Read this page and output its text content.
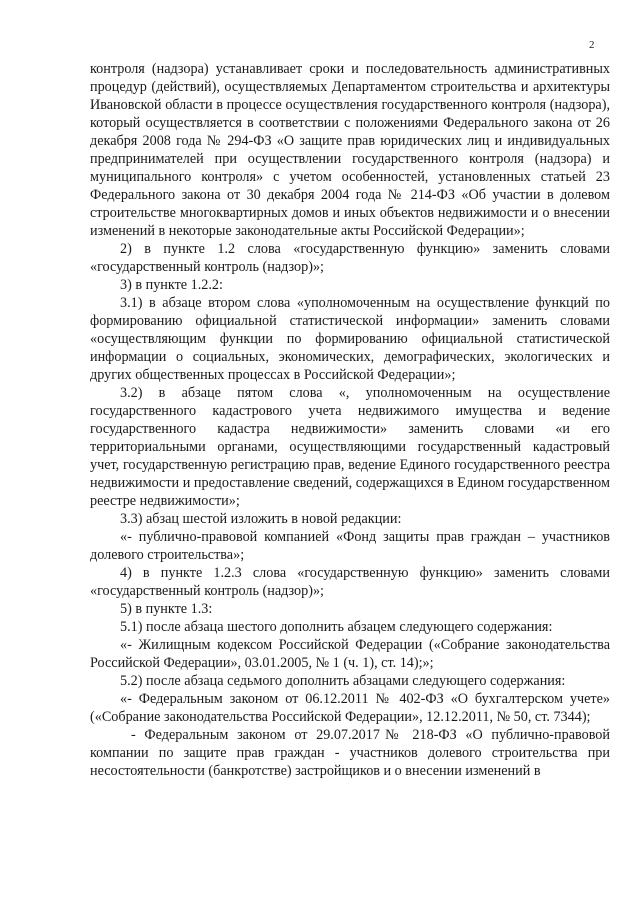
2

контроля (надзора) устанавливает сроки и последовательность административных процедур (действий), осуществляемых Департаментом строительства и архитектуры Ивановской области в процессе осуществления государственного контроля (надзора), который осуществляется в соответствии с положениями Федерального закона от 26 декабря 2008 года № 294-ФЗ «О защите прав юридических лиц и индивидуальных предпринимателей при осуществлении государственного контроля (надзора) и муниципального контроля» с учетом особенностей, установленных статьей 23 Федерального закона от 30 декабря 2004 года № 214-ФЗ «Об участии в долевом строительстве многоквартирных домов и иных объектов недвижимости и о внесении изменений в некоторые законодательные акты Российской Федерации»;

2) в пункте 1.2 слова «государственную функцию» заменить словами «государственный контроль (надзор)»;

3) в пункте 1.2.2:

3.1) в абзаце втором слова «уполномоченным на осуществление функций по формированию официальной статистической информации» заменить словами «осуществляющим функции по формированию официальной статистической информации о социальных, экономических, демографических, экологических и других общественных процессах в Российской Федерации»;

3.2) в абзаце пятом слова «, уполномоченным на осуществление государственного кадастрового учета недвижимого имущества и ведение государственного кадастра недвижимости» заменить словами «и его территориальными органами, осуществляющими государственный кадастровый учет, государственную регистрацию прав, ведение Единого государственного реестра недвижимости и предоставление сведений, содержащихся в Едином государственном реестре недвижимости»;

3.3) абзац шестой изложить в новой редакции:

«- публично-правовой компанией «Фонд защиты прав граждан – участников долевого строительства»;

4) в пункте 1.2.3 слова «государственную функцию» заменить словами «государственный контроль (надзор)»;

5) в пункте 1.3:

5.1) после абзаца шестого дополнить абзацем следующего содержания:

«- Жилищным кодексом Российской Федерации («Собрание законодательства Российской Федерации», 03.01.2005, № 1 (ч. 1), ст. 14);»;

5.2) после абзаца седьмого дополнить абзацами следующего содержания:

«- Федеральным законом от 06.12.2011 № 402-ФЗ «О бухгалтерском учете» («Собрание законодательства Российской Федерации», 12.12.2011, № 50, ст. 7344);

- Федеральным законом от 29.07.2017№ 218-ФЗ «О публично-правовой компании по защите прав граждан - участников долевого строительства при несостоятельности (банкротстве) застройщиков и о внесении изменений в
